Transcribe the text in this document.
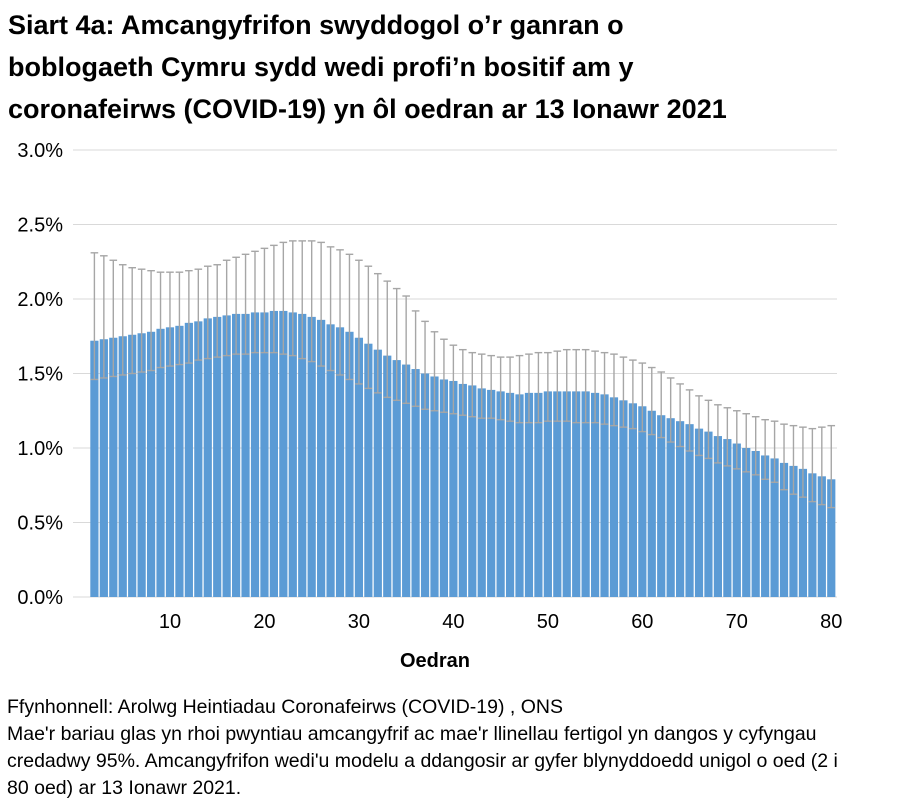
Siart 4a: Amcangyfrifon swyddogol o’r ganran o
boblogaeth Cymru sydd wedi profi’n bositif am y
coronafeirws (COVID-19) yn ôl oedran ar 13 Ionawr 2021
0.0%
0.5%
1.0%
1.5%
2.0%
2.5%
3.0%
10	20	30	40	50	60	70	80
Oedran
Ffynhonnell: Arolwg Heintiadau Coronafeirws (COVID-19) , ONS
Mae'r bariau glas yn rhoi pwyntiau amcangyfrif ac mae'r llinellau fertigol yn dangos y cyfyngau
credadwy 95%. Amcangyfrifon wedi'u modelu a ddangosir ar gyfer blynyddoedd unigol o oed (2 i
80 oed) ar 13 Ionawr 2021.
